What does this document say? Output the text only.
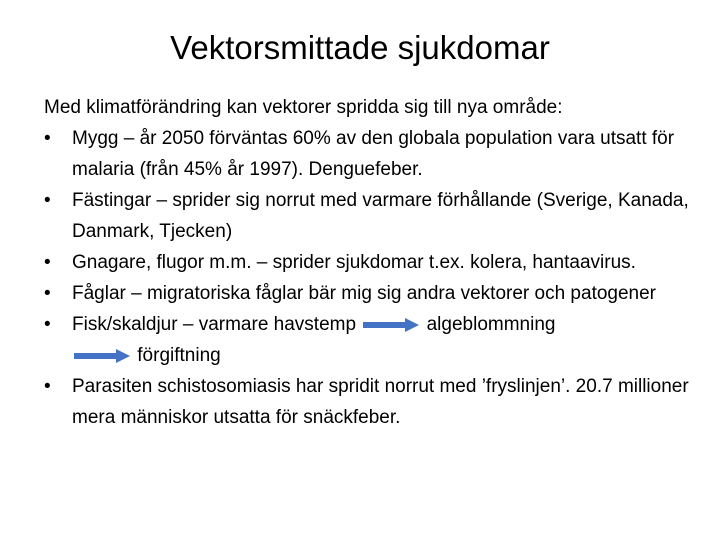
Vektorsmittade sjukdomar
Med klimatförändring kan vektorer spridda sig till nya område:
•	Mygg – år 2050 förväntas 60% av den globala population vara utsatt för malaria (från 45% år 1997). Denguefeber.
•	Fästingar – sprider sig norrut med varmare förhållande (Sverige, Kanada, Danmark, Tjecken)
•	Gnagare, flugor m.m. – sprider sjukdomar t.ex. kolera, hantaavirus.
•	Fåglar – migratoriska fåglar bär mig sig andra vektorer och patogener
•	Fisk/skaldjur – varmare havstemp	algeblommning

förgiftning
•	Parasiten schistosomiasis har spridit norrut med ’fryslinjen’. 20.7 millioner mera människor utsatta för snäckfeber.
